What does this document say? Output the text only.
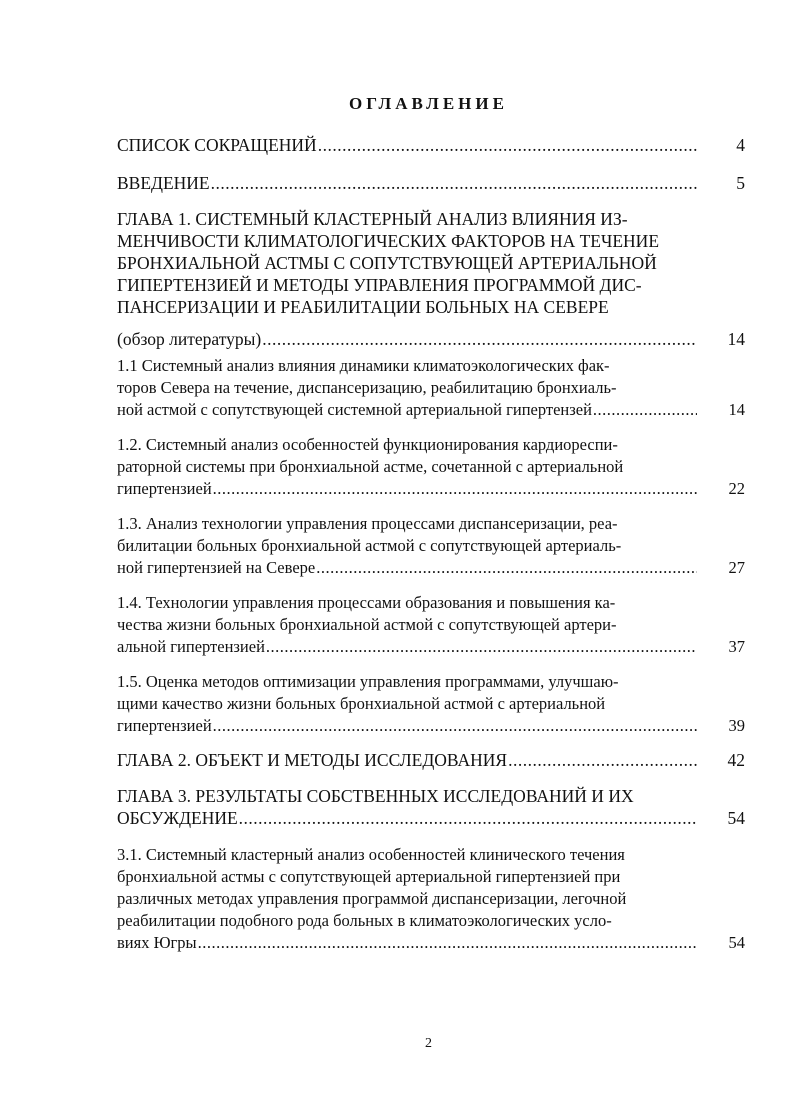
ОГЛАВЛЕНИЕ
СПИСОК СОКРАЩЕНИЙ .....	4
ВВЕДЕНИЕ .....	5
ГЛАВА 1. СИСТЕМНЫЙ КЛАСТЕРНЫЙ АНАЛИЗ ВЛИЯНИЯ ИЗ-
МЕНЧИВОСТИ КЛИМАТОЛОГИЧЕСКИХ ФАКТОРОВ НА ТЕЧЕНИЕ
БРОНХИАЛЬНОЙ АСТМЫ С СОПУТСТВУЮЩЕЙ АРТЕРИАЛЬНОЙ
ГИПЕРТЕНЗИЕЙ И МЕТОДЫ УПРАВЛЕНИЯ ПРОГРАММОЙ ДИС-
ПАНСЕРИЗАЦИИ И РЕАБИЛИТАЦИИ БОЛЬНЫХ НА СЕВЕРЕ
(обзор литературы) .....	14
1.1 Системный анализ влияния динамики климатоэкологических фак-
торов Севера на течение, диспансеризацию, реабилитацию бронхиаль-
ной астмой с сопутствующей системной артериальной гипертензей .....	14
1.2. Системный анализ особенностей функционирования кардиоpеспи-
раторной системы при бронхиальной астме, сочетанной с артериальной
гипертензией .....	22
1.3. Анализ технологии управления процессами диспансеризации, реа-
билитации больных бронхиальной астмой с сопутствующей артериаль-
ной гипертензией на Севере .....	27
1.4. Технологии управления процессами образования и повышения ка-
чества жизни больных бронхиальной астмой с сопутствующей артери-
альной гипертензией .....	37
1.5. Оценка методов оптимизации управления программами, улучшаю-
щими качество жизни больных бронхиальной астмой с артериальной
гипертензией .....	39
ГЛАВА 2. ОБЪЕКТ И МЕТОДЫ ИССЛЕДОВАНИЯ .....	42
ГЛАВА 3. РЕЗУЛЬТАТЫ СОБСТВЕННЫХ ИССЛЕДОВАНИЙ И ИХ
ОБСУЖДЕНИЕ .....	54
3.1. Системный кластерный анализ особенностей клинического течения
бронхиальной астмы с сопутствующей артериальной гипертензией при
различных методах управления программой диспансеризации, легочной
реабилитации подобного рода больных в климатоэкологических усло-
виях Югры .....	54
2
